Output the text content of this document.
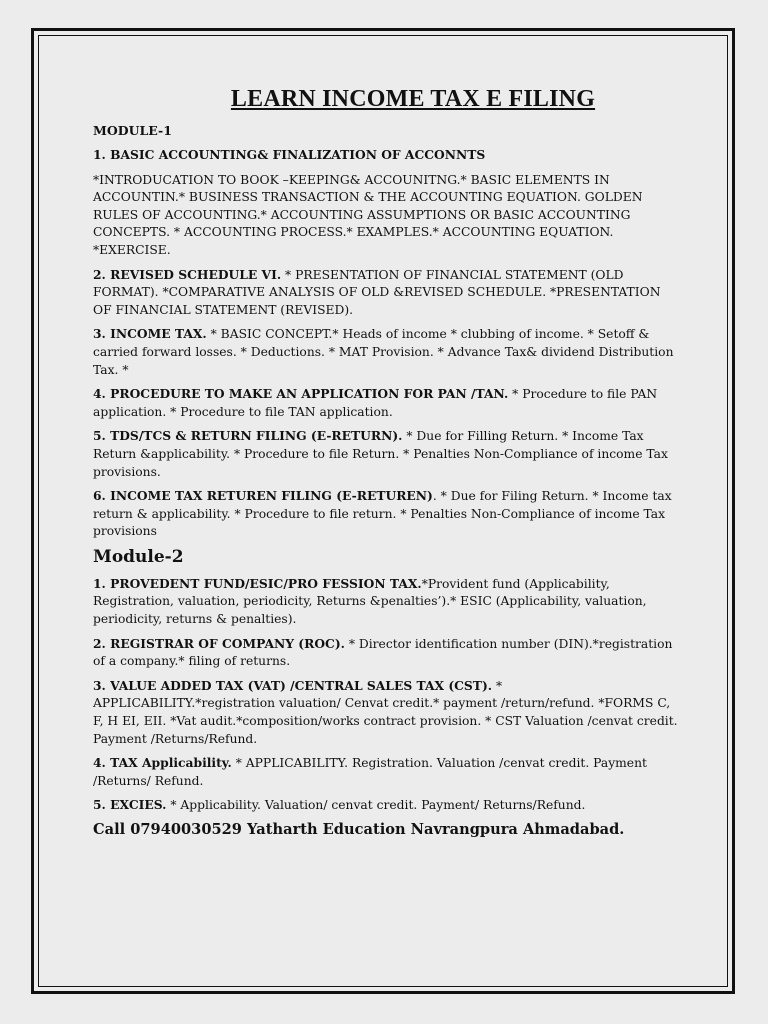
LEARN INCOME TAX E FILING
MODULE-1
1. BASIC ACCOUNTING& FINALIZATION OF ACCONNTS
*INTRODUCATION TO BOOK –KEEPING& ACCOUNITNG.* BASIC ELEMENTS IN ACCOUNTIN.* BUSINESS TRANSACTION & THE ACCOUNTING EQUATION. GOLDEN RULES OF ACCOUNTING.* ACCOUNTING ASSUMPTIONS OR BASIC ACCOUNTING CONCEPTS. * ACCOUNTING PROCESS.* EXAMPLES.* ACCOUNTING EQUATION. *EXERCISE.
2. REVISED SCHEDULE VI. * PRESENTATION OF FINANCIAL STATEMENT (OLD FORMAT). *COMPARATIVE ANALYSIS OF OLD &REVISED SCHEDULE. *PRESENTATION OF FINANCIAL STATEMENT (REVISED).
3. INCOME TAX. * BASIC CONCEPT.* Heads of income * clubbing of income. * Setoff & carried forward losses. * Deductions. * MAT Provision. * Advance Tax& dividend Distribution Tax. *
4. PROCEDURE TO MAKE AN APPLICATION FOR PAN /TAN. * Procedure to file PAN application. * Procedure to file TAN application.
5. TDS/TCS & RETURN FILING (E-RETURN). * Due for Filling Return. * Income Tax Return &applicability. * Procedure to file Return. * Penalties Non-Compliance of income Tax provisions.
6. INCOME TAX RETUREN FILING (E-RETUREN). * Due for Filing Return. * Income tax return & applicability. * Procedure to file return. * Penalties Non-Compliance of income Tax provisions
Module-2
1. PROVEDENT FUND/ESIC/PRO FESSION TAX.*Provident fund (Applicability, Registration, valuation, periodicity, Returns &penalties’).* ESIC (Applicability, valuation, periodicity, returns & penalties).
2. REGISTRAR OF COMPANY (ROC). * Director identification number (DIN).*registration of a company.* filing of returns.
3. VALUE ADDED TAX (VAT) /CENTRAL SALES TAX (CST). * APPLICABILITY.*registration valuation/ Cenvat credit.* payment /return/refund. *FORMS C, F, H EI, EII. *Vat audit.*composition/works contract provision. * CST Valuation /cenvat credit. Payment /Returns/Refund.
4. TAX Applicability. * APPLICABILITY. Registration. Valuation /cenvat credit. Payment /Returns/ Refund.
5. EXCIES. * Applicability. Valuation/ cenvat credit. Payment/ Returns/Refund.
Call 07940030529 Yatharth Education Navrangpura Ahmadabad.
